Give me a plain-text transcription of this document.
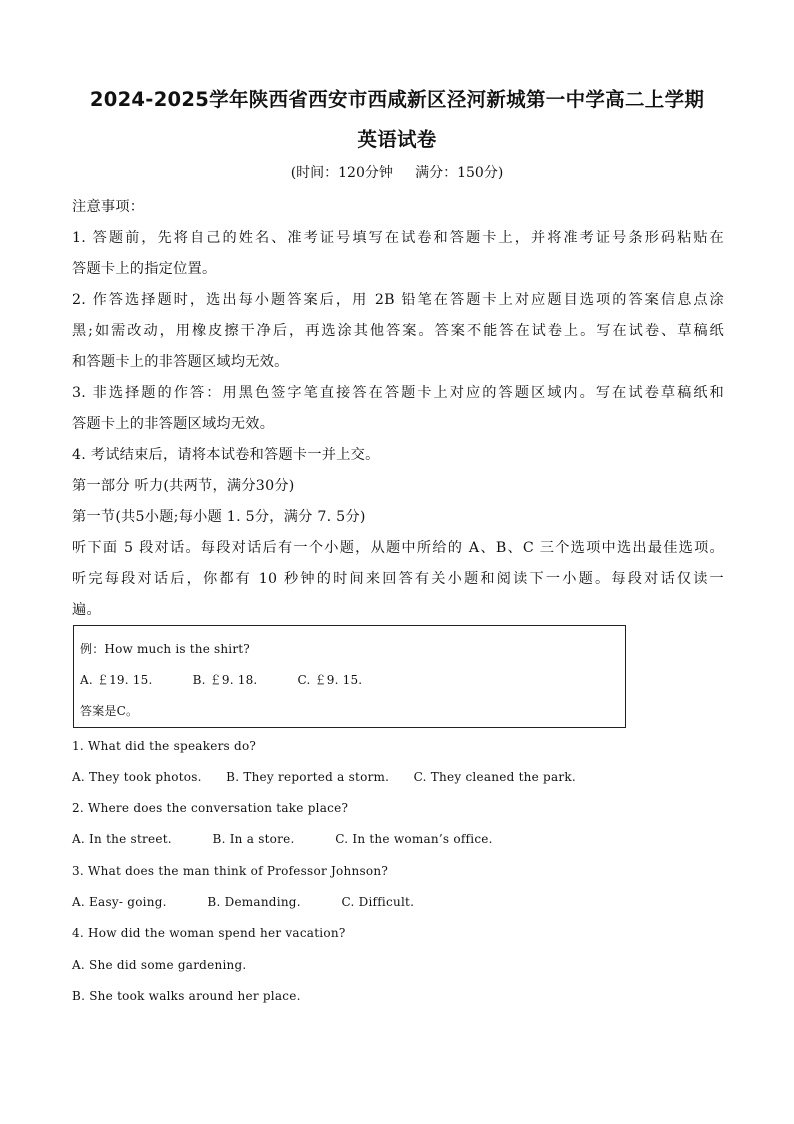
2024-2025学年陕西省西安市西咸新区泾河新城第一中学高二上学期
英语试卷
(时间：120分钟     满分：150分)
注意事项：
1. 答题前，先将自己的姓名、准考证号填写在试卷和答题卡上，并将准考证号条形码粘贴在
答题卡上的指定位置。
2. 作答选择题时，选出每小题答案后，用 2B 铅笔在答题卡上对应题目选项的答案信息点涂
黑;如需改动，用橡皮擦干净后，再选涂其他答案。答案不能答在试卷上。写在试卷、草稿纸
和答题卡上的非答题区域均无效。
3. 非选择题的作答：用黑色签字笔直接答在答题卡上对应的答题区域内。写在试卷草稿纸和
答题卡上的非答题区域均无效。
4. 考试结束后，请将本试卷和答题卡一并上交。
第一部分 听力(共两节，满分30分)
第一节(共5小题;每小题 1. 5分，满分 7. 5分)
听下面 5 段对话。每段对话后有一个小题，从题中所给的 A、B、C 三个选项中选出最佳选项。
听完每段对话后，你都有 10 秒钟的时间来回答有关小题和阅读下一小题。每段对话仅读一
遍。
例：How much is the shirt?
A. ￡19. 15.          B. ￡9. 18.          C. ￡9. 15.
答案是C。
1. What did the speakers do?
A. They took photos.      B. They reported a storm.      C. They cleaned the park.
2. Where does the conversation take place?
A. In the street.          B. In a store.          C. In the woman’s office.
3. What does the man think of Professor Johnson?
A. Easy- going.          B. Demanding.          C. Difficult.
4. How did the woman spend her vacation?
A. She did some gardening.
B. She took walks around her place.
